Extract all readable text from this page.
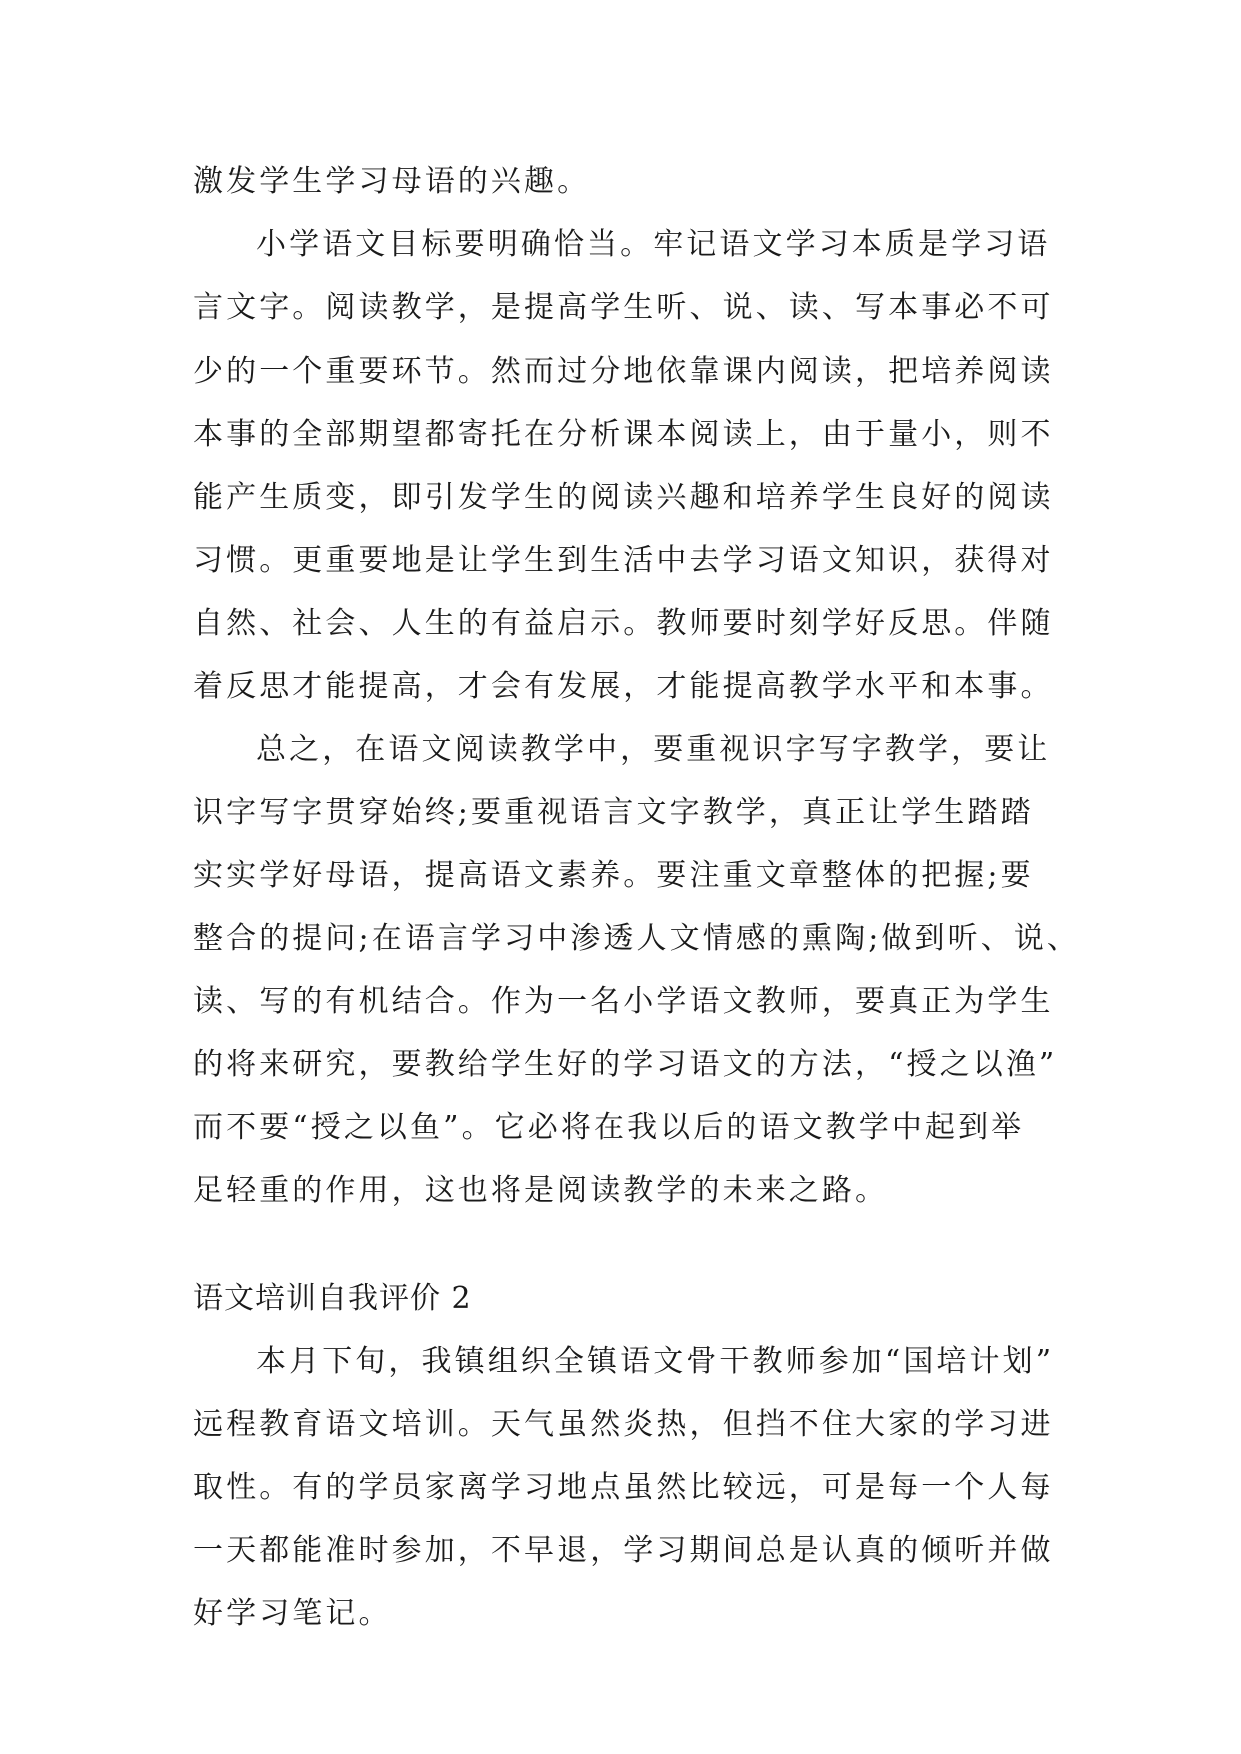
激发学生学习母语的兴趣。
小学语文目标要明确恰当。牢记语文学习本质是学习语
言文字。阅读教学，是提高学生听、说、读、写本事必不可
少的一个重要环节。然而过分地依靠课内阅读，把培养阅读
本事的全部期望都寄托在分析课本阅读上，由于量小，则不
能产生质变，即引发学生的阅读兴趣和培养学生良好的阅读
习惯。更重要地是让学生到生活中去学习语文知识，获得对
自然、社会、人生的有益启示。教师要时刻学好反思。伴随
着反思才能提高，才会有发展，才能提高教学水平和本事。
总之，在语文阅读教学中，要重视识字写字教学，要让
识字写字贯穿始终;要重视语言文字教学，真正让学生踏踏
实实学好母语，提高语文素养。要注重文章整体的把握;要
整合的提问;在语言学习中渗透人文情感的熏陶;做到听、说、
读、写的有机结合。作为一名小学语文教师，要真正为学生
的将来研究，要教给学生好的学习语文的方法，“授之以渔”
而不要“授之以鱼”。它必将在我以后的语文教学中起到举
足轻重的作用，这也将是阅读教学的未来之路。
语文培训自我评价 2
本月下旬，我镇组织全镇语文骨干教师参加“国培计划”
远程教育语文培训。天气虽然炎热，但挡不住大家的学习进
取性。有的学员家离学习地点虽然比较远，可是每一个人每
一天都能准时参加，不早退，学习期间总是认真的倾听并做
好学习笔记。
